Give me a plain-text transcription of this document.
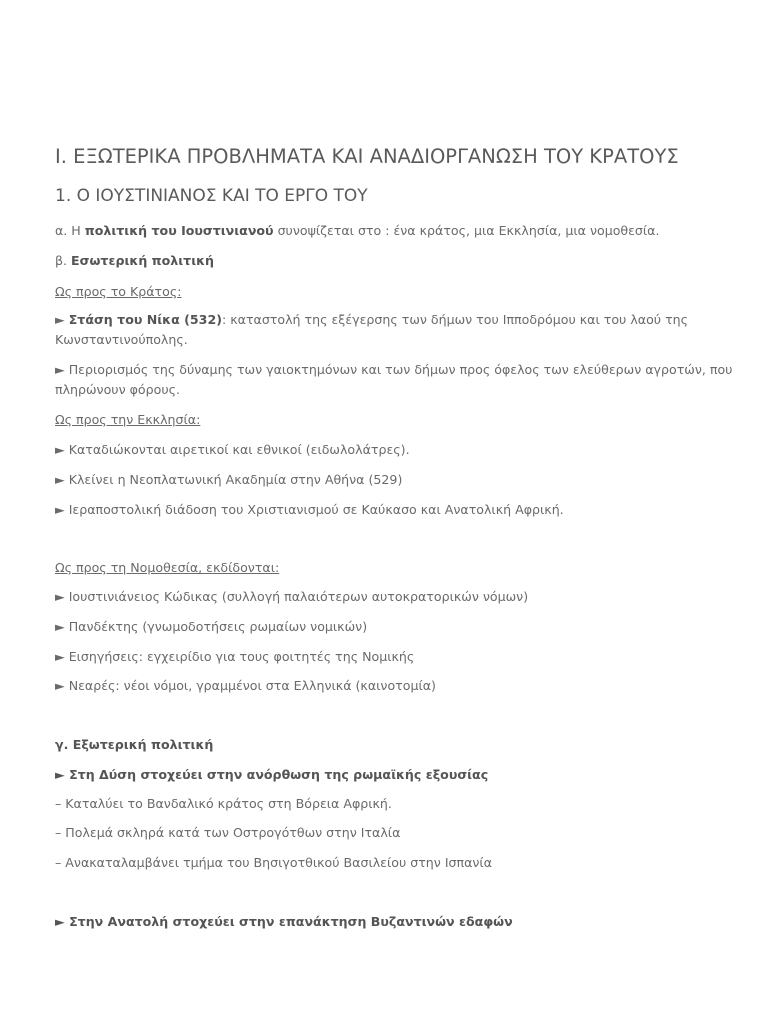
I. ΕΞΩΤΕΡΙΚΑ ΠΡΟΒΛΗΜΑΤΑ ΚΑΙ ΑΝΑΔΙΟΡΓΑΝΩΣΗ ΤΟΥ ΚΡΑΤΟΥΣ
1. Ο ΙΟΥΣΤΙΝΙΑΝΟΣ ΚΑΙ ΤΟ ΕΡΓΟ ΤΟΥ
α. Η πολιτική του Ιουστινιανού συνοψίζεται στο : ένα κράτος, μια Εκκλησία, μια νομοθεσία.
β. Εσωτερική πολιτική
Ως προς το Κράτος:
► Στάση του Νίκα (532): καταστολή της εξέγερσης των δήμων του Ιπποδρόμου και του λαού της Κωνσταντινούπολης.
► Περιορισμός της δύναμης των γαιοκτημόνων και των δήμων προς όφελος των ελεύθερων αγροτών, που πληρώνουν φόρους.
Ως προς την Εκκλησία:
► Καταδιώκονται αιρετικοί και εθνικοί (ειδωλολάτρες).
► Κλείνει η Νεοπλατωνική Ακαδημία στην Αθήνα (529)
► Ιεραποστολική διάδοση του Χριστιανισμού σε Καύκασο και Ανατολική Αφρική.
Ως προς τη Νομοθεσία, εκδίδονται:
► Ιουστινιάνειος Κώδικας (συλλογή παλαιότερων αυτοκρατορικών νόμων)
► Πανδέκτης (γνωμοδοτήσεις ρωμαίων νομικών)
► Εισηγήσεις: εγχειρίδιο για τους φοιτητές της Νομικής
► Νεαρές: νέοι νόμοι, γραμμένοι στα Ελληνικά (καινοτομία)
γ. Εξωτερική πολιτική
► Στη Δύση στοχεύει στην ανόρθωση της ρωμαϊκής εξουσίας
– Καταλύει το Βανδαλικό κράτος στη Βόρεια Αφρική.
– Πολεμά σκληρά κατά των Οστρογότθων στην Ιταλία
– Ανακαταλαμβάνει τμήμα του Βησιγοτθικού Βασιλείου στην Ισπανία
► Στην Ανατολή στοχεύει στην επανάκτηση Βυζαντινών εδαφών
